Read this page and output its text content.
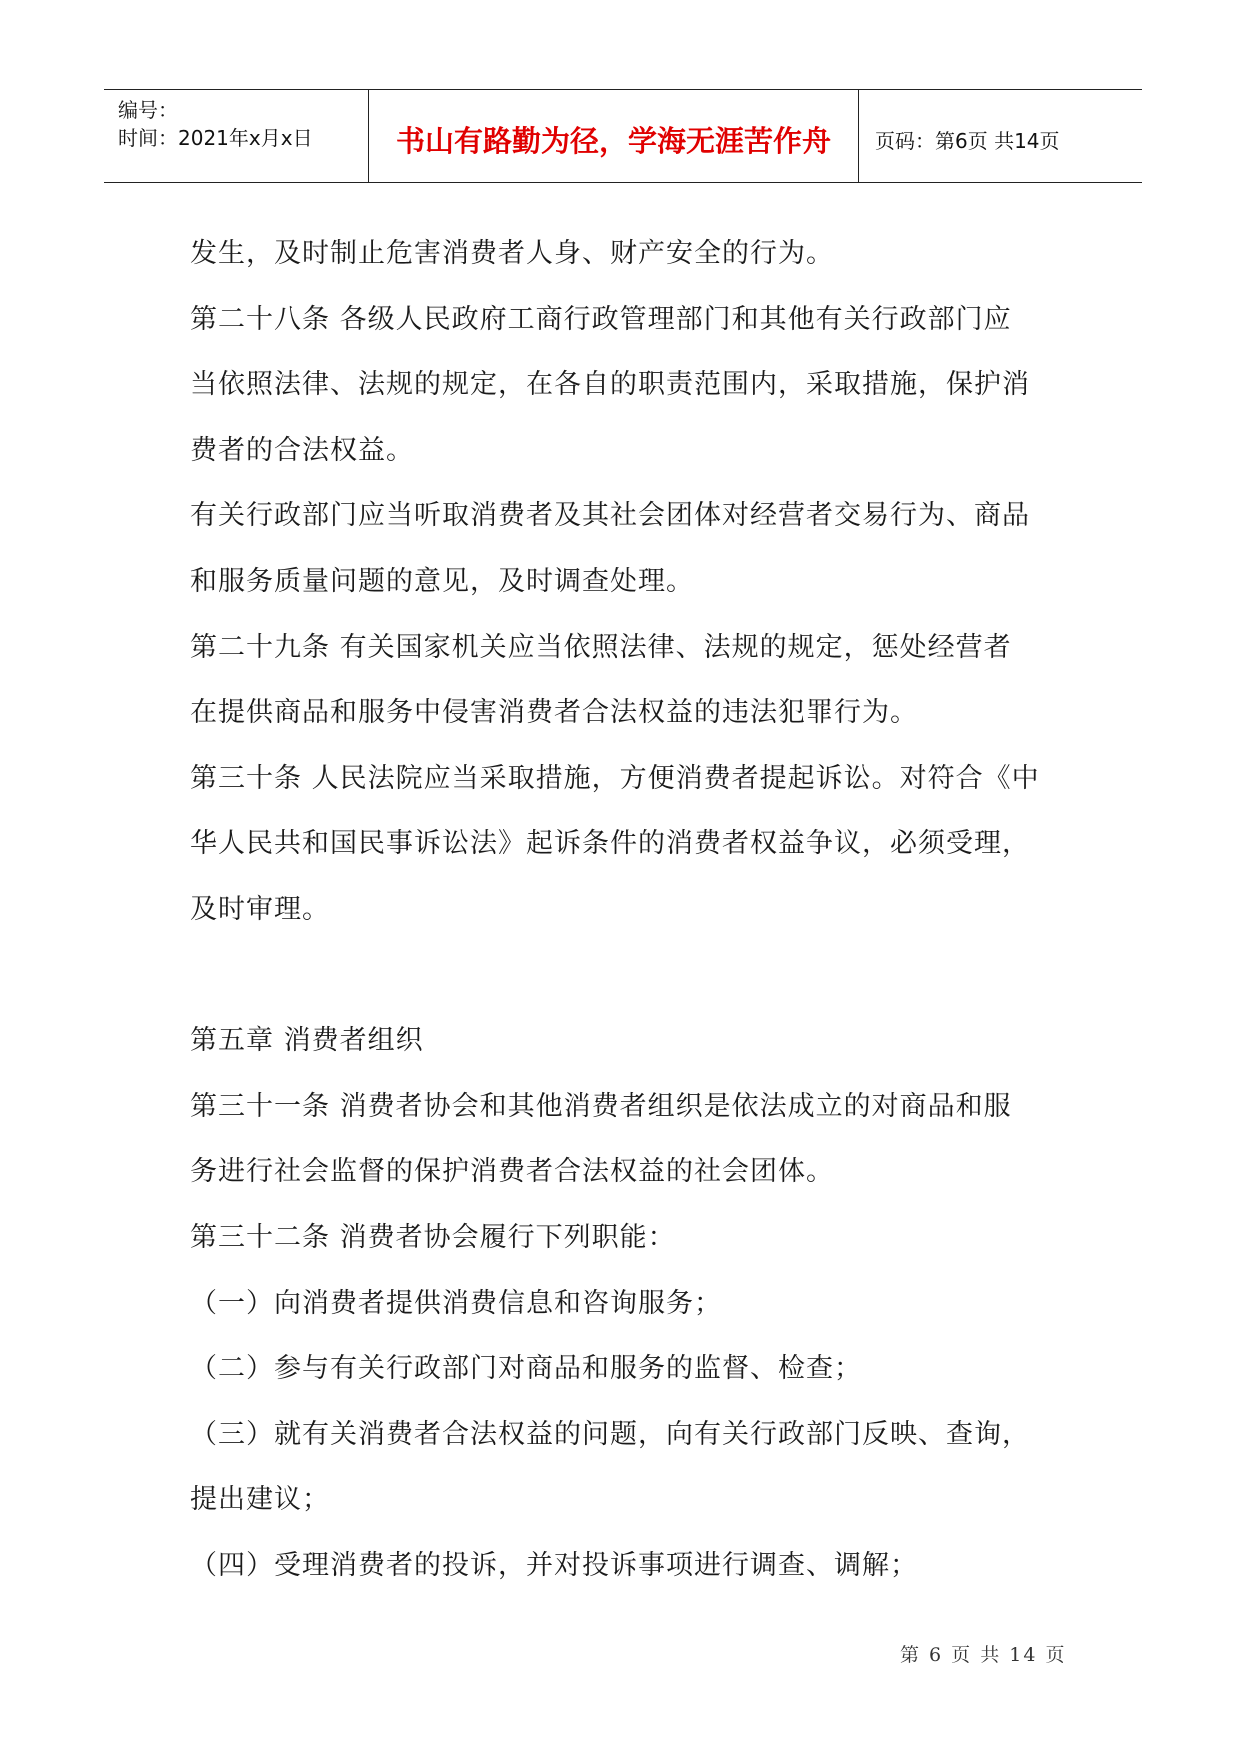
编号：
时间：2021年x月x日	书山有路勤为径，学海无涯苦作舟	页码：第6页 共14页
发生，及时制止危害消费者人身、财产安全的行为。
第二十八条 各级人民政府工商行政管理部门和其他有关行政部门应
当依照法律、法规的规定，在各自的职责范围内，采取措施，保护消
费者的合法权益。
有关行政部门应当听取消费者及其社会团体对经营者交易行为、商品
和服务质量问题的意见，及时调查处理。
第二十九条 有关国家机关应当依照法律、法规的规定，惩处经营者
在提供商品和服务中侵害消费者合法权益的违法犯罪行为。
第三十条 人民法院应当采取措施，方便消费者提起诉讼。对符合《中
华人民共和国民事诉讼法》起诉条件的消费者权益争议，必须受理，
及时审理。
第五章 消费者组织
第三十一条 消费者协会和其他消费者组织是依法成立的对商品和服
务进行社会监督的保护消费者合法权益的社会团体。
第三十二条 消费者协会履行下列职能：
（一）向消费者提供消费信息和咨询服务；
（二）参与有关行政部门对商品和服务的监督、检查；
（三）就有关消费者合法权益的问题，向有关行政部门反映、查询，
提出建议；
（四）受理消费者的投诉，并对投诉事项进行调查、调解；
第 6 页 共 14 页
